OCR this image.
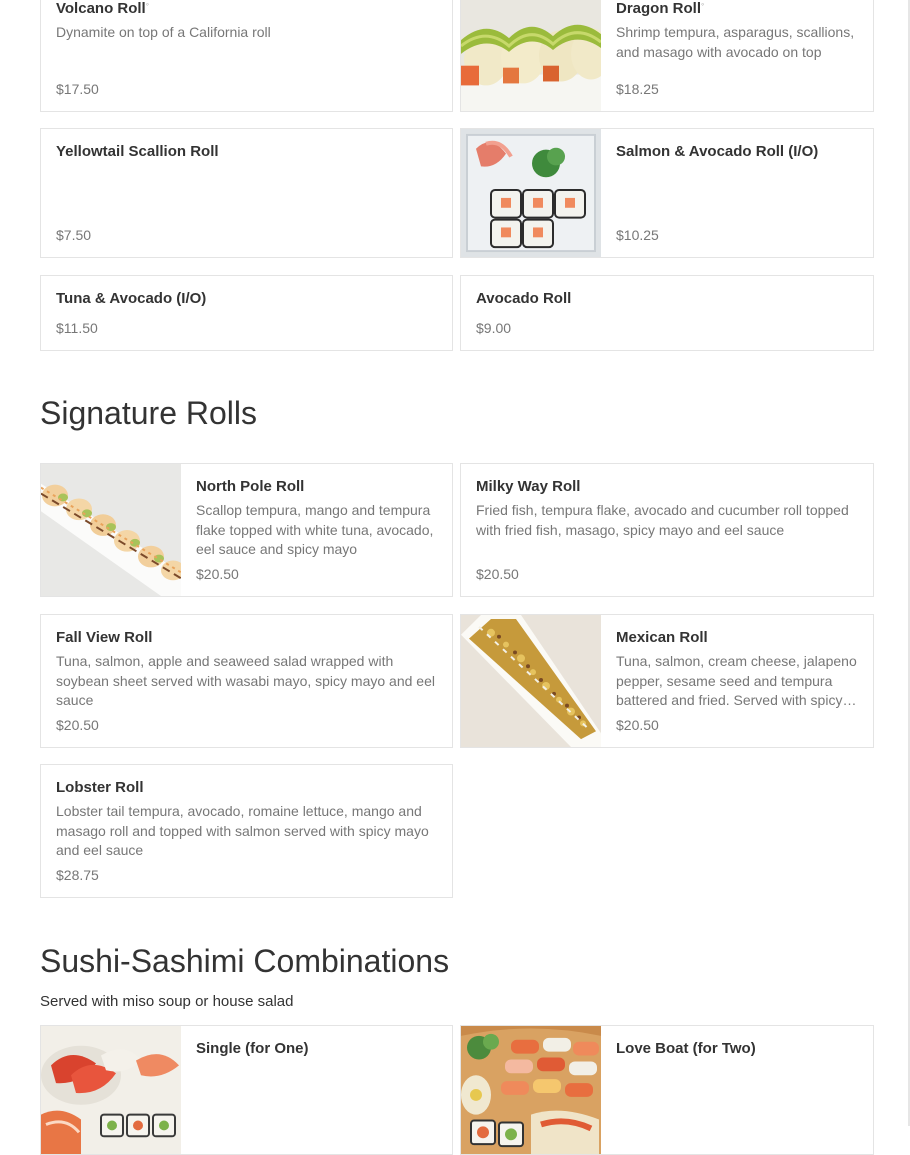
Volcano Roll◦
Dynamite on top of a California roll
$17.50
Dragon Roll◦
Shrimp tempura, asparagus, scallions, and masago with avocado on top
$18.25
Yellowtail Scallion Roll
$7.50
Salmon & Avocado Roll (I/O)
$10.25
Tuna & Avocado (I/O)
$11.50
Avocado Roll
$9.00
Signature Rolls
North Pole Roll
Scallop tempura, mango and tempura flake topped with white tuna, avocado, eel sauce and spicy mayo
$20.50
Milky Way Roll
Fried fish, tempura flake, avocado and cucumber roll topped with fried fish, masago, spicy mayo and eel sauce
$20.50
Fall View Roll
Tuna, salmon, apple and seaweed salad wrapped with soybean sheet served with wasabi mayo, spicy mayo and eel sauce
$20.50
Mexican Roll
Tuna, salmon, cream cheese, jalapeno pepper, sesame seed and tempura battered and fried. Served with spicy
$20.50
Lobster Roll
Lobster tail tempura, avocado, romaine lettuce, mango and masago roll and topped with salmon served with spicy mayo and eel sauce
$28.75
Sushi-Sashimi Combinations
Served with miso soup or house salad
Single (for One)	Love Boat (for Two)
